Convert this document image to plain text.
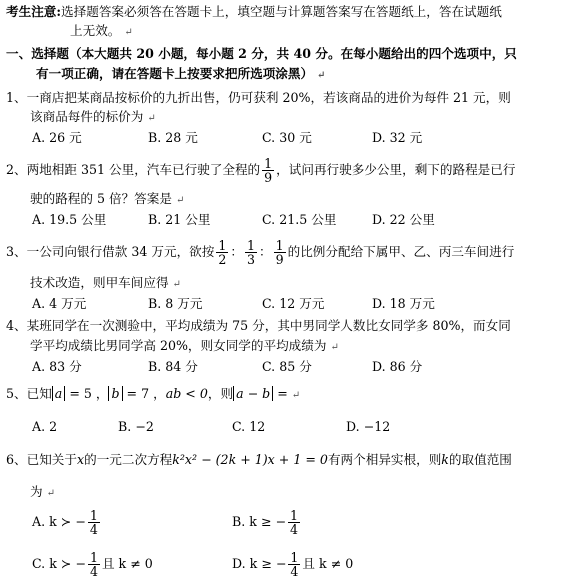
考生注意:选择题答案必须答在答题卡上，填空题与计算题答案写在答题纸上，答在试题纸
上无效。 ↵
一、选择题（本大题共 20 小题，每小题 2 分，共 40 分。在每小题给出的四个选项中，只
有一项正确，请在答题卡上按要求把所选项涂黑） ↵
1、一商店把某商品按标价的九折出售，仍可获利 20%，若该商品的进价为每件 21 元，则
该商品每件的标价为 ↵
A. 26 元	B. 28 元	C. 30 元	D. 32 元
2、两地相距 351 公里，汽车已行驶了全程的 $\frac{1}{9}$ ，试问再行驶多少公里，剩下的路程是已行
驶的路程的 5 倍？答案是 ↵
A. 19.5 公里	B. 21 公里	C. 21.5 公里	D. 22 公里
3、一公司向银行借款 34 万元，欲按 $\frac{1}{2}$ ： $\frac{1}{3}$ ： $\frac{1}{9}$ 的比例分配给下属甲、乙、丙三车间进行
技术改造，则甲车间应得 ↵
A. 4 万元	B. 8 万元	C. 12 万元	D. 18 万元
4、某班同学在一次测验中，平均成绩为 75 分，其中男同学人数比女同学多 80%，而女同
学平均成绩比男同学高 20%，则女同学的平均成绩为 ↵
A. 83 分	B. 84 分	C. 85 分	D. 86 分
5、已知 a = 5 ， b = 7 ，ab < 0，则 a − b = ↵
A. 2	B. −2	C. 12	D. −12
6、已知关于x的一元二次方程k²x² − (2k + 1)x + 1 = 0有两个相异实根，则k的取值范围
为 ↵
A. k ≻ − $\frac{1}{4}$	B. k ≥ − $\frac{1}{4}$
C. k ≻ − $\frac{1}{4}$ 且 k ≠ 0	D. k ≥ − $\frac{1}{4}$ 且 k ≠ 0
